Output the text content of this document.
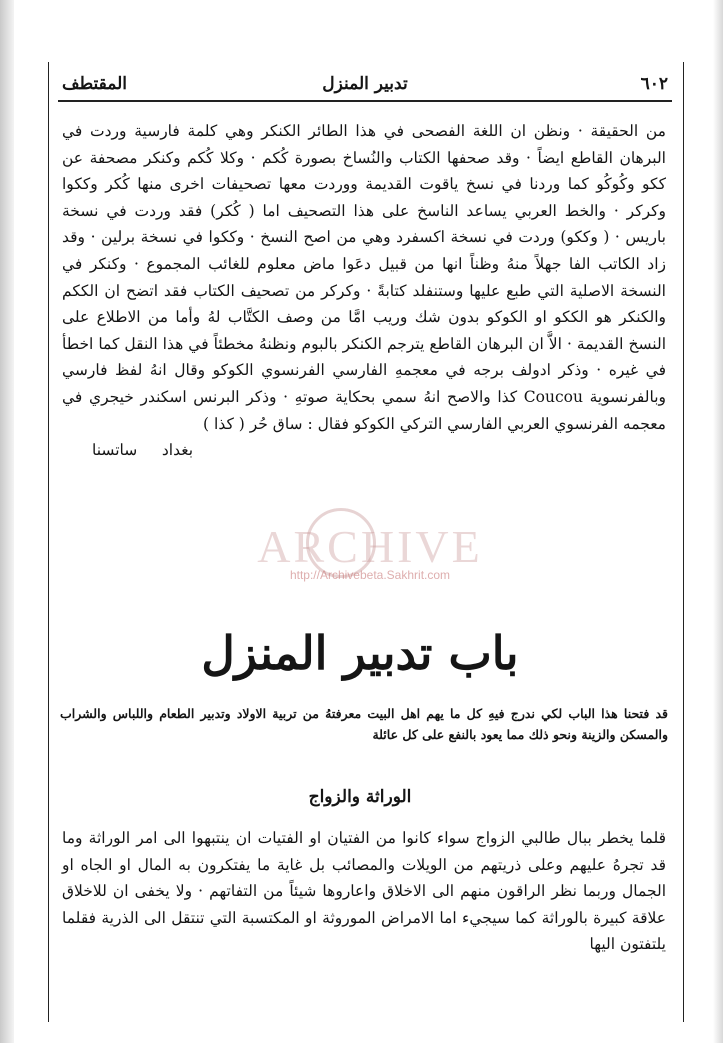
٦٠٢
تدبير المنزل
المقتطف
من الحقيقة · ونظن ان اللغة الفصحى في هذا الطائر الكنكر وهي كلمة فارسية وردت في البرهان القاطع ايضاً · وقد صحفها الكتاب والنُساخ بصورة كُكم · وكلا كُكم وكنكر مصحفة عن ككو وكُوكُو كما وردنا في نسخ ياقوت القديمة ووردت معها تصحيفات اخرى منها كُكر وككوا وكركر · والخط العربي يساعد الناسخ على هذا التصحيف اما ( كُكر) فقد وردت في نسخة باريس · ( وككو) وردت في نسخة اكسفرد وهي من اصح النسخ · وككوا في نسخة برلين · وقد زاد الكاتب الفا جهلاً منهُ وظناً انها من قبيل دعَوا ماض معلوم للغائب المجموع · وكنكر في النسخة الاصلية التي طبع عليها وستنفلد كتابةً · وكركر من تصحيف الكتاب فقد اتضح ان الككم والكنكر هو الككو او الكوكو بدون شك وريب امَّا من وصف الكتَّاب لهُ وأما من الاطلاع على النسخ القديمة · الاَّ ان البرهان القاطع يترجم الكنكر بالبوم ونظنهُ مخطئاً في هذا النقل كما اخطأ في غيره · وذكر ادولف برجه في معجمهِ الفارسي الفرنسوي الكوكو وقال انهُ لفظ فارسي وبالفرنسوية Coucou كذا والاصح انهُ سمي بحكاية صوتهِ · وذكر البرنس اسكندر خيجري في معجمه الفرنسوي العربي الفارسي التركي الكوكو فقال : ساق حُر ( كذا )
بغداد     ساتسنا
ARCHIVE
http://Archivebeta.Sakhrit.com
باب تدبير المنزل
قد فتحنا هذا الباب لكي ندرج فيهِ كل ما يهم اهل البيت معرفتهُ من تربية الاولاد وتدبير الطعام واللباس والشراب والمسكن والزينة ونحو ذلك مما يعود بالنفع على كل عائلة
الوراثة والزواج
قلما يخطر ببال طالبي الزواج سواء كانوا من الفتيان او الفتيات ان ينتبهوا الى امر الوراثة وما قد تجرهُ عليهم وعلى ذريتهم من الويلات والمصائب بل غاية ما يفتكرون به المال او الجاه او الجمال وربما نظر الراقون منهم الى الاخلاق واعاروها شيئاً من التفاتهم · ولا يخفى ان للاخلاق علاقة كبيرة بالوراثة كما سيجيء اما الامراض الموروثة او المكتسبة التي تنتقل الى الذرية فقلما يلتفتون اليها
